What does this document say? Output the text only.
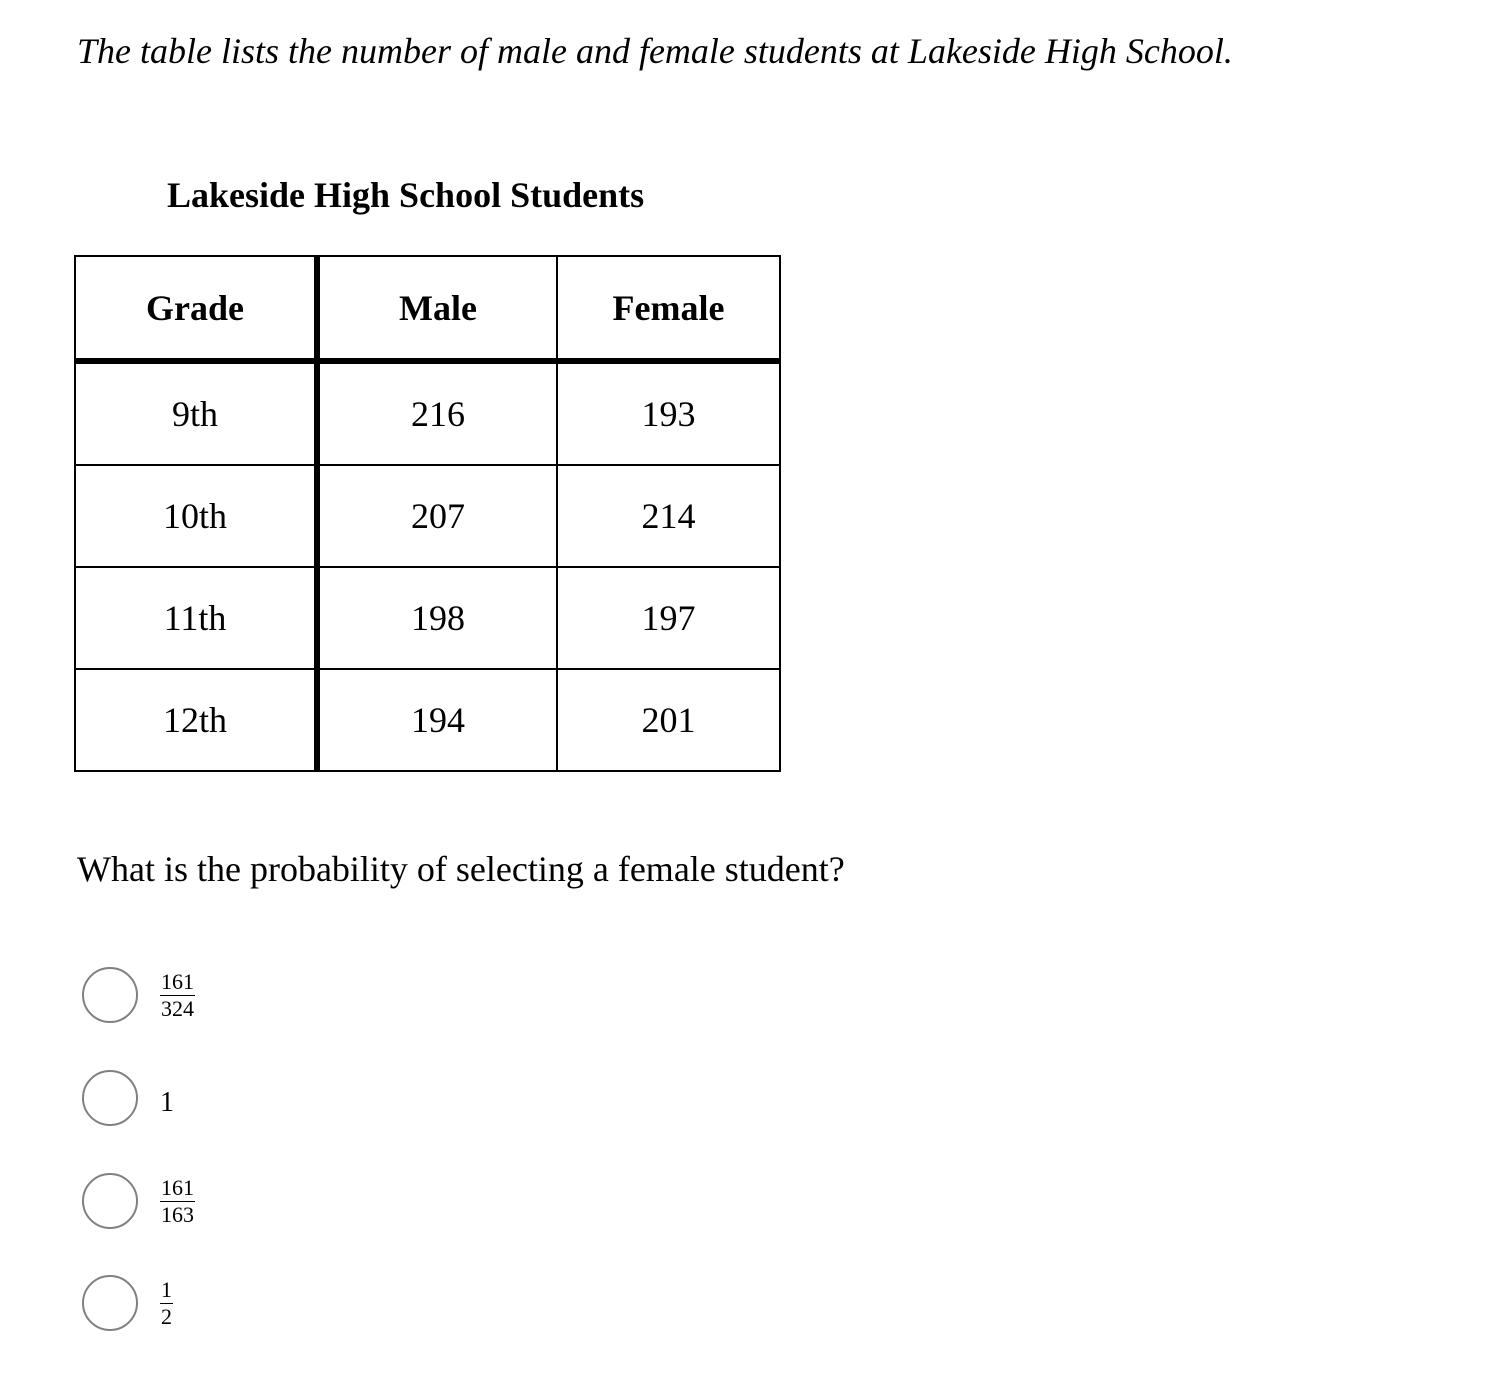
The table lists the number of male and female students at Lakeside High School.

Lakeside High School Students

Grade	Male	Female
9th	216	193
10th	207	214
11th	198	197
12th	194	201

What is the probability of selecting a female student?

$\frac{161}{324}$
1
$\frac{161}{163}$
$\frac{1}{2}$
